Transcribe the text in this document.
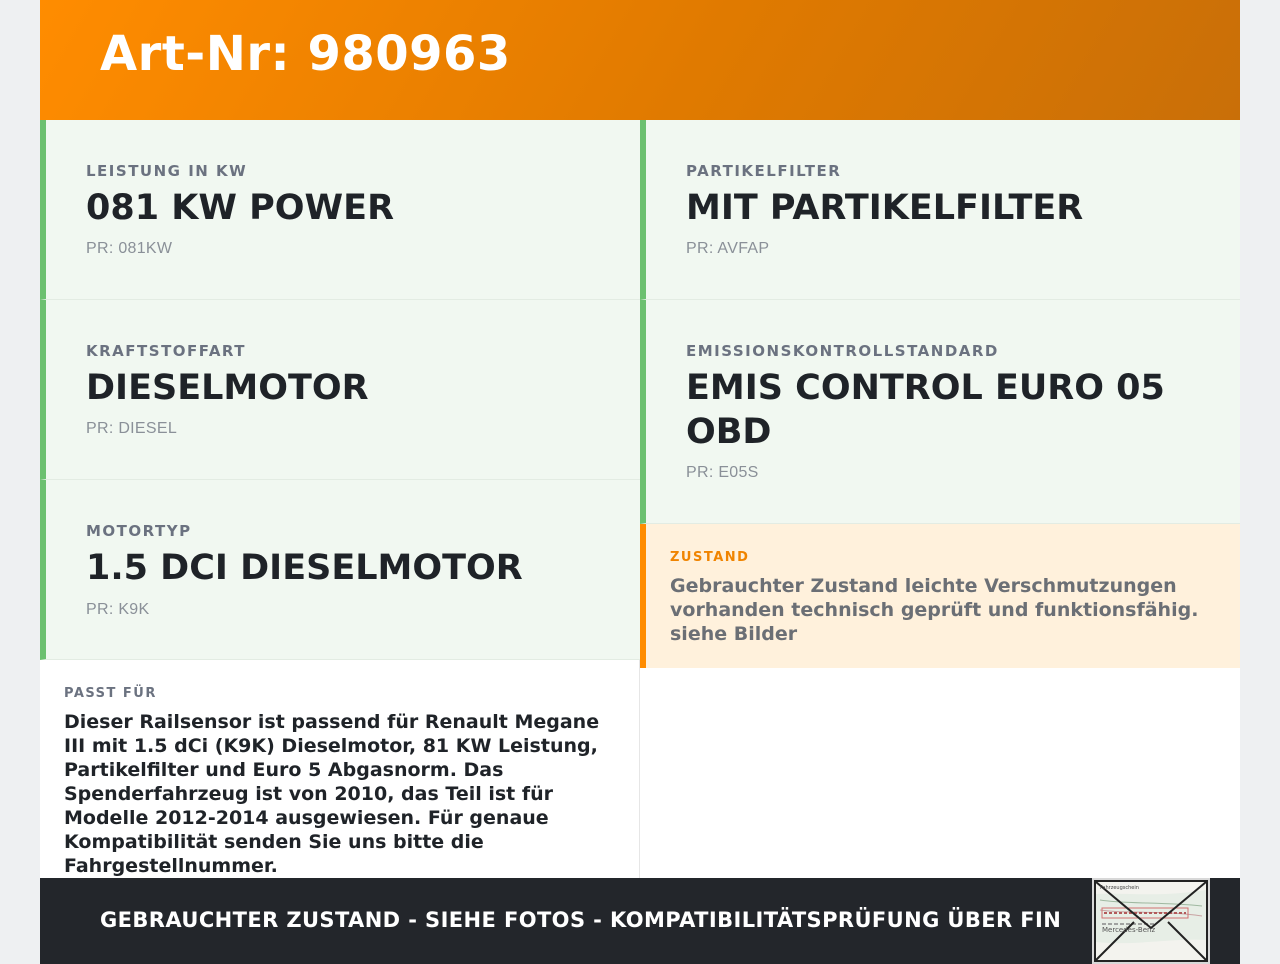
Art-Nr: 980963
LEISTUNG IN KW
081 KW POWER
PR: 081KW
KRAFTSTOFFART
DIESELMOTOR
PR: DIESEL
MOTORTYP
1.5 DCI DIESELMOTOR
PR: K9K
PARTIKELFILTER
MIT PARTIKELFILTER
PR: AVFAP
EMISSIONSKONTROLLSTANDARD
EMIS CONTROL EURO 05 OBD
PR: E05S
ZUSTAND
Gebrauchter Zustand leichte Verschmutzungen vorhanden technisch geprüft und funktionsfähig. siehe Bilder
PASST FÜR
Dieser Railsensor ist passend für Renault Megane III mit 1.5 dCi (K9K) Dieselmotor, 81 KW Leistung, Partikelfilter und Euro 5 Abgasnorm. Das Spenderfahrzeug ist von 2010, das Teil ist für Modelle 2012-2014 ausgewiesen. Für genaue Kompatibilität senden Sie uns bitte die Fahrgestellnummer.
GEBRAUCHTER ZUSTAND - SIEHE FOTOS - KOMPATIBILITÄTSPRÜFUNG ÜBER FIN
Fahrzeugschein
Mercedes-Benz
